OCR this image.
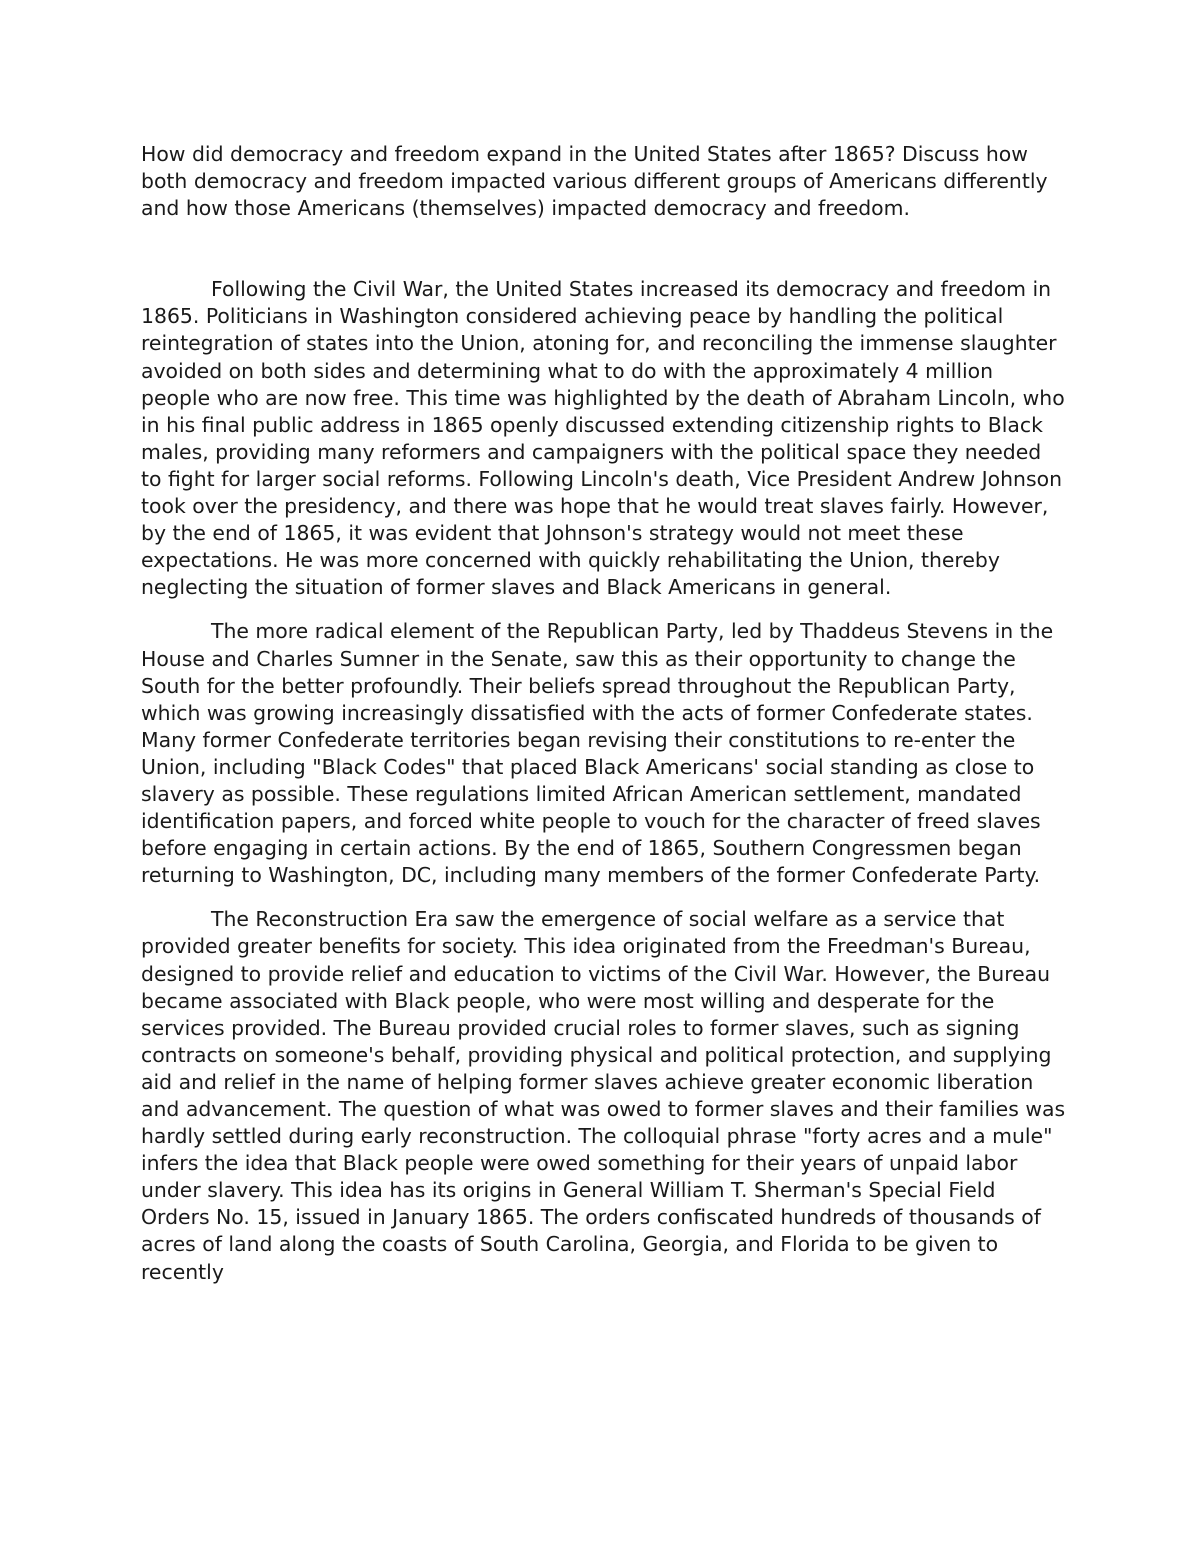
How did democracy and freedom expand in the United States after 1865? Discuss how both democracy and freedom impacted various different groups of Americans differently and how those Americans (themselves) impacted democracy and freedom.

Following the Civil War, the United States increased its democracy and freedom in 1865. Politicians in Washington considered achieving peace by handling the political reintegration of states into the Union, atoning for, and reconciling the immense slaughter avoided on both sides and determining what to do with the approximately 4 million people who are now free. This time was highlighted by the death of Abraham Lincoln, who in his final public address in 1865 openly discussed extending citizenship rights to Black males, providing many reformers and campaigners with the political space they needed to fight for larger social reforms. Following Lincoln's death, Vice President Andrew Johnson took over the presidency, and there was hope that he would treat slaves fairly. However, by the end of 1865, it was evident that Johnson's strategy would not meet these expectations. He was more concerned with quickly rehabilitating the Union, thereby neglecting the situation of former slaves and Black Americans in general.

The more radical element of the Republican Party, led by Thaddeus Stevens in the House and Charles Sumner in the Senate, saw this as their opportunity to change the South for the better profoundly. Their beliefs spread throughout the Republican Party, which was growing increasingly dissatisfied with the acts of former Confederate states. Many former Confederate territories began revising their constitutions to re-enter the Union, including "Black Codes" that placed Black Americans' social standing as close to slavery as possible. These regulations limited African American settlement, mandated identification papers, and forced white people to vouch for the character of freed slaves before engaging in certain actions. By the end of 1865, Southern Congressmen began returning to Washington, DC, including many members of the former Confederate Party.

The Reconstruction Era saw the emergence of social welfare as a service that provided greater benefits for society. This idea originated from the Freedman's Bureau, designed to provide relief and education to victims of the Civil War. However, the Bureau became associated with Black people, who were most willing and desperate for the services provided. The Bureau provided crucial roles to former slaves, such as signing contracts on someone's behalf, providing physical and political protection, and supplying aid and relief in the name of helping former slaves achieve greater economic liberation and advancement. The question of what was owed to former slaves and their families was hardly settled during early reconstruction. The colloquial phrase "forty acres and a mule" infers the idea that Black people were owed something for their years of unpaid labor under slavery. This idea has its origins in General William T. Sherman's Special Field Orders No. 15, issued in January 1865. The orders confiscated hundreds of thousands of acres of land along the coasts of South Carolina, Georgia, and Florida to be given to recently
